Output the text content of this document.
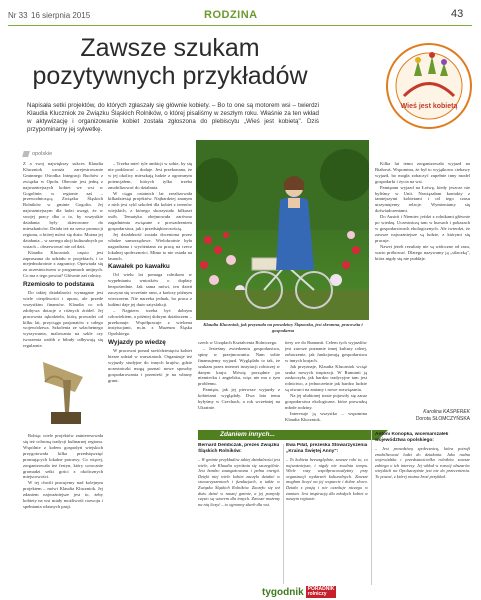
Nr 33 16 sierpnia 2015	RODZINA	43
Zawsze szukam
pozytywnych przykładów
Napisała setki projektów, do których zgłaszały się głównie kobiety. – Bo to one są motorem wsi – twierdzi Klaudia Kluczniok ze Związku Śląskich Rolników, o której pisaliśmy w zeszłym roku. Właśnie za ten wkład w aktywizację i organizowanie kobiet została zgłoszona do plebiscytu „Wieś jest kobietą". Dziś przypominamy jej sylwetkę.
opolskie
Wieś jest kobietą

Z a swoj największy sukces Klaudia Kluczniok uważa zarejestrowanie Gminnego Ośrodka Integracji Ruchów z związku w Opolu. Obecnie jest jedną z najważniejszych kobiet we wsi w Gogolinie, w regionie zaś – przewodniczącą Związku Śląskich Rolników w gminie Gogolin. Jej najważniejszym dla ludzi uwagi, że w swojej pracy dba o to, by wszystkie działania były skierowane do mieszkańców. Działa też na rzecz promocji regionu, o której mówi się dużo. Można jej działania – w szeregu akcji kulturalnych po wsiach – obserwować nie od dziś.

Klaudia Kluczniok często jest zapraszana do udziału w projektach, i to niejednokrotnie z zagranicy. Opowiada się za uczestnictwem w programach unijnych. Co ma z tego powiat? Głównie zaś rolnicy.

Rzemiosło to podstawa

Do takiej działalności wymagane jest wiele cierpliwości i uporu, ale przede wszystkim finansów. Klaudia co rok zdobywa dotacje z różnych źródeł. Jej pracownia rękodzieła, którą prowadzi od kilku lat, przyciąga pasjonatów z całego województwa. Szkolenia ze szlachetnego wyszywania, malowania na szkle czy tworzenia ozdób z bibuły odbywają się regularnie.

Robiąc wiele projektów zainteresowała się też ochroną tradycji kulinarnej regionu. Wspólnie z kołem gospodyń wiejskich przygotowała kilka przedsięwzięć promujących lokalne potrawy. Co więcej, zorganizowała też festyn, który corocznie gromadzi setki gości z okolicznych miejscowości.

W tej chwili pracujemy nad kolejnym projektem – mówi Klaudia Kluczniok. Jej zdaniem najważniejsze jest to, żeby kobiety na wsi miały możliwość rozwoju i spełniania własnych pasji.

– Trzeba mieć tyle ambicji w sobie, by się nie poddawać – dodaje. Jest przekonana, że w jej okolicy mieszkają ludzie z ogromnym potencjałem, których tylko trzeba zmobilizować do działania.

W ciągu ostatnich lat zrealizowała kilkadziesiąt projektów. Najbardziej znanym z nich jest cykl szkoleń dla kobiet z terenów wiejskich, z którego skorzystało kilkaset osób. Tematyka obejmowała zarówno zagadnienia związane z prowadzeniem gospodarstwa, jak i przedsiębiorczością.

Jej działalność została doceniona przez władze samorządowe. Wielokrotnie była nagradzana i wyróżniana za pracę na rzecz lokalnej społeczności. Mimo to nie osiada na laurach.

Kawałek po kawałku

Od wielu lat pomaga rolnikom w wypełnianiu wniosków o dopłaty bezpośrednie. Jak sama mówi, ten dzień zaczyna się wcześnie rano, a kończy późnym wieczorem. Nie narzeka jednak, bo praca z ludźmi daje jej dużo satysfakcji.

– Najpierw trzeba być dobrym człowiekiem, a później dobrym działaczem – przekonuje. Współpracuje z wieloma instytucjami, m.in. z Muzeum Śląska Opolskiego.

Wyjazdy po wiedzę

W pracowni ponad sześćdziesięciu kobiet bierze udział w warsztatach. Organizuje też wyjazdy studyjne do innych krajów, gdzie uczestniczki mogą poznać nowe sposoby gospodarowania i przenieść je na własny grunt.

Klaudia Kluczniok, jak przyznała na prawdziwy Ślązaczka, jest skromna, pracowita i gospodarna

czech w Urzędach Kształcenia Rolniczego.

– Jesteśmy zwiedzeniu gospodarstwa, spiny w przejmowaniu. Nam sobie finansujemy wyjazd. Wyglądało to tak, że szukam przez internet instytucji rolniczej w danym kraju. Mówię porządnie po niemiecku i angielsku, więc nie ma z tym problemu.

Pamięta, jak jej pierwsze wyjazdy z kobietami wyglądały. Dwa lata temu byłyśmy w Czechach, a rok wcześniej na Ukrainie.

tiery we do Rumunii. Celem tych wyjazdów jest zawsze poznanie innej kultury rolnej, zobaczenie, jak funkcjonują gospodarstwa w innych krajach.

Jak przyznaje, Klaudia Kluczniok wciąż szuka nowych inspiracji. W Rumunii ją zaskoczyła, jak bardzo tradycyjne tam jest rolnictwo, a jednocześnie jak bardzo ludzie są otwarci na zmiany i nowe rozwiązania.

Na jej ulubionej trasie pojawiły się zaraz gospodarstwa ekologiczne, które prowadzą młode rodziny.

Interesuje ją wszystko – wspomina Klaudia Kluczniok.

Kilka lat temu zorganizowała wyjazd na Białoruś. Wspomina, że był to wyjątkowo ciekawy wyjazd, bo mogła zobaczyć zupełnie inny model gospodarki i życia na wsi.

Pamiętam wyjazd na Łotwę, kiedy jeszcze nie byliśmy w Unii. Nawiązałam kontakty z tamtejszymi kobietami i od tego czasu utrzymujemy relacje. Wymieniamy się doświadczeniami.

Do Austrii i Niemiec jeździ z rolnikami głównie po wiedzę. Uczestniczą tam w kursach i pokazach w gospodarstwach ekologicznych. Ale twierdzi, że zawsze najważniejsze są ludzie, z którymi się pracuje.

Nawet jeżeli rezultaty nie są widoczne od razu, warto próbować. Dlatego nazywamy ją „siłaczką", która nigdy się nie poddaje.

Karolina KASPEREK
Dorota SŁOMCZYŃSKA
Zdaniem innych...
Bernard Dembczak, prezes Związku Śląskich Rolników:
– W gminie przykładów takiej działalności jest wiele, ale Klaudia wyróżnia się szczególnie. Jest bardzo zaangażowana i pełna energii. Dzięki niej wiele kobiet zaczęło działać w stowarzyszeniach i fundacjach, a także w Związku Śląskich Rolników. Zaczęło się też dużo dziać w naszej gminie, a jej pomysły często są wzorem dla innych. Zawsze możemy na nią liczyć – to ogromny skarb dla wsi.
Ewa Piłat, prezeska Stowarzyszenia „Kraina Świętej Anny":
– To kobieta bezwzględnie, zawsze robi to, co najważniejsze, i nigdy nie zwalnia tempa. Wiele razy współpracowałyśmy przy organizacji wydarzeń kulturalnych. Zawsze mogłam liczyć na jej wsparcie i dobre słowo. Działa z pasją i nie oczekuje niczego w zamian. Jest inspiracją dla młodych kobiet w naszym regionie.
Antoni Konopka, wicemarszałek województwa opolskiego:
– Jest prawdziwą społecznicą, która potrafi zmobilizować ludzi do działania. Jako radna wojewódzka i przedstawicielka rolników zawsze zabiega o ich interesy. Jej wkład w rozwój obszarów wiejskich na Opolszczyźnie jest nie do przecenienia. To postać, z której można brać przykład.
tygodnik PORADNIK
rolniczy
